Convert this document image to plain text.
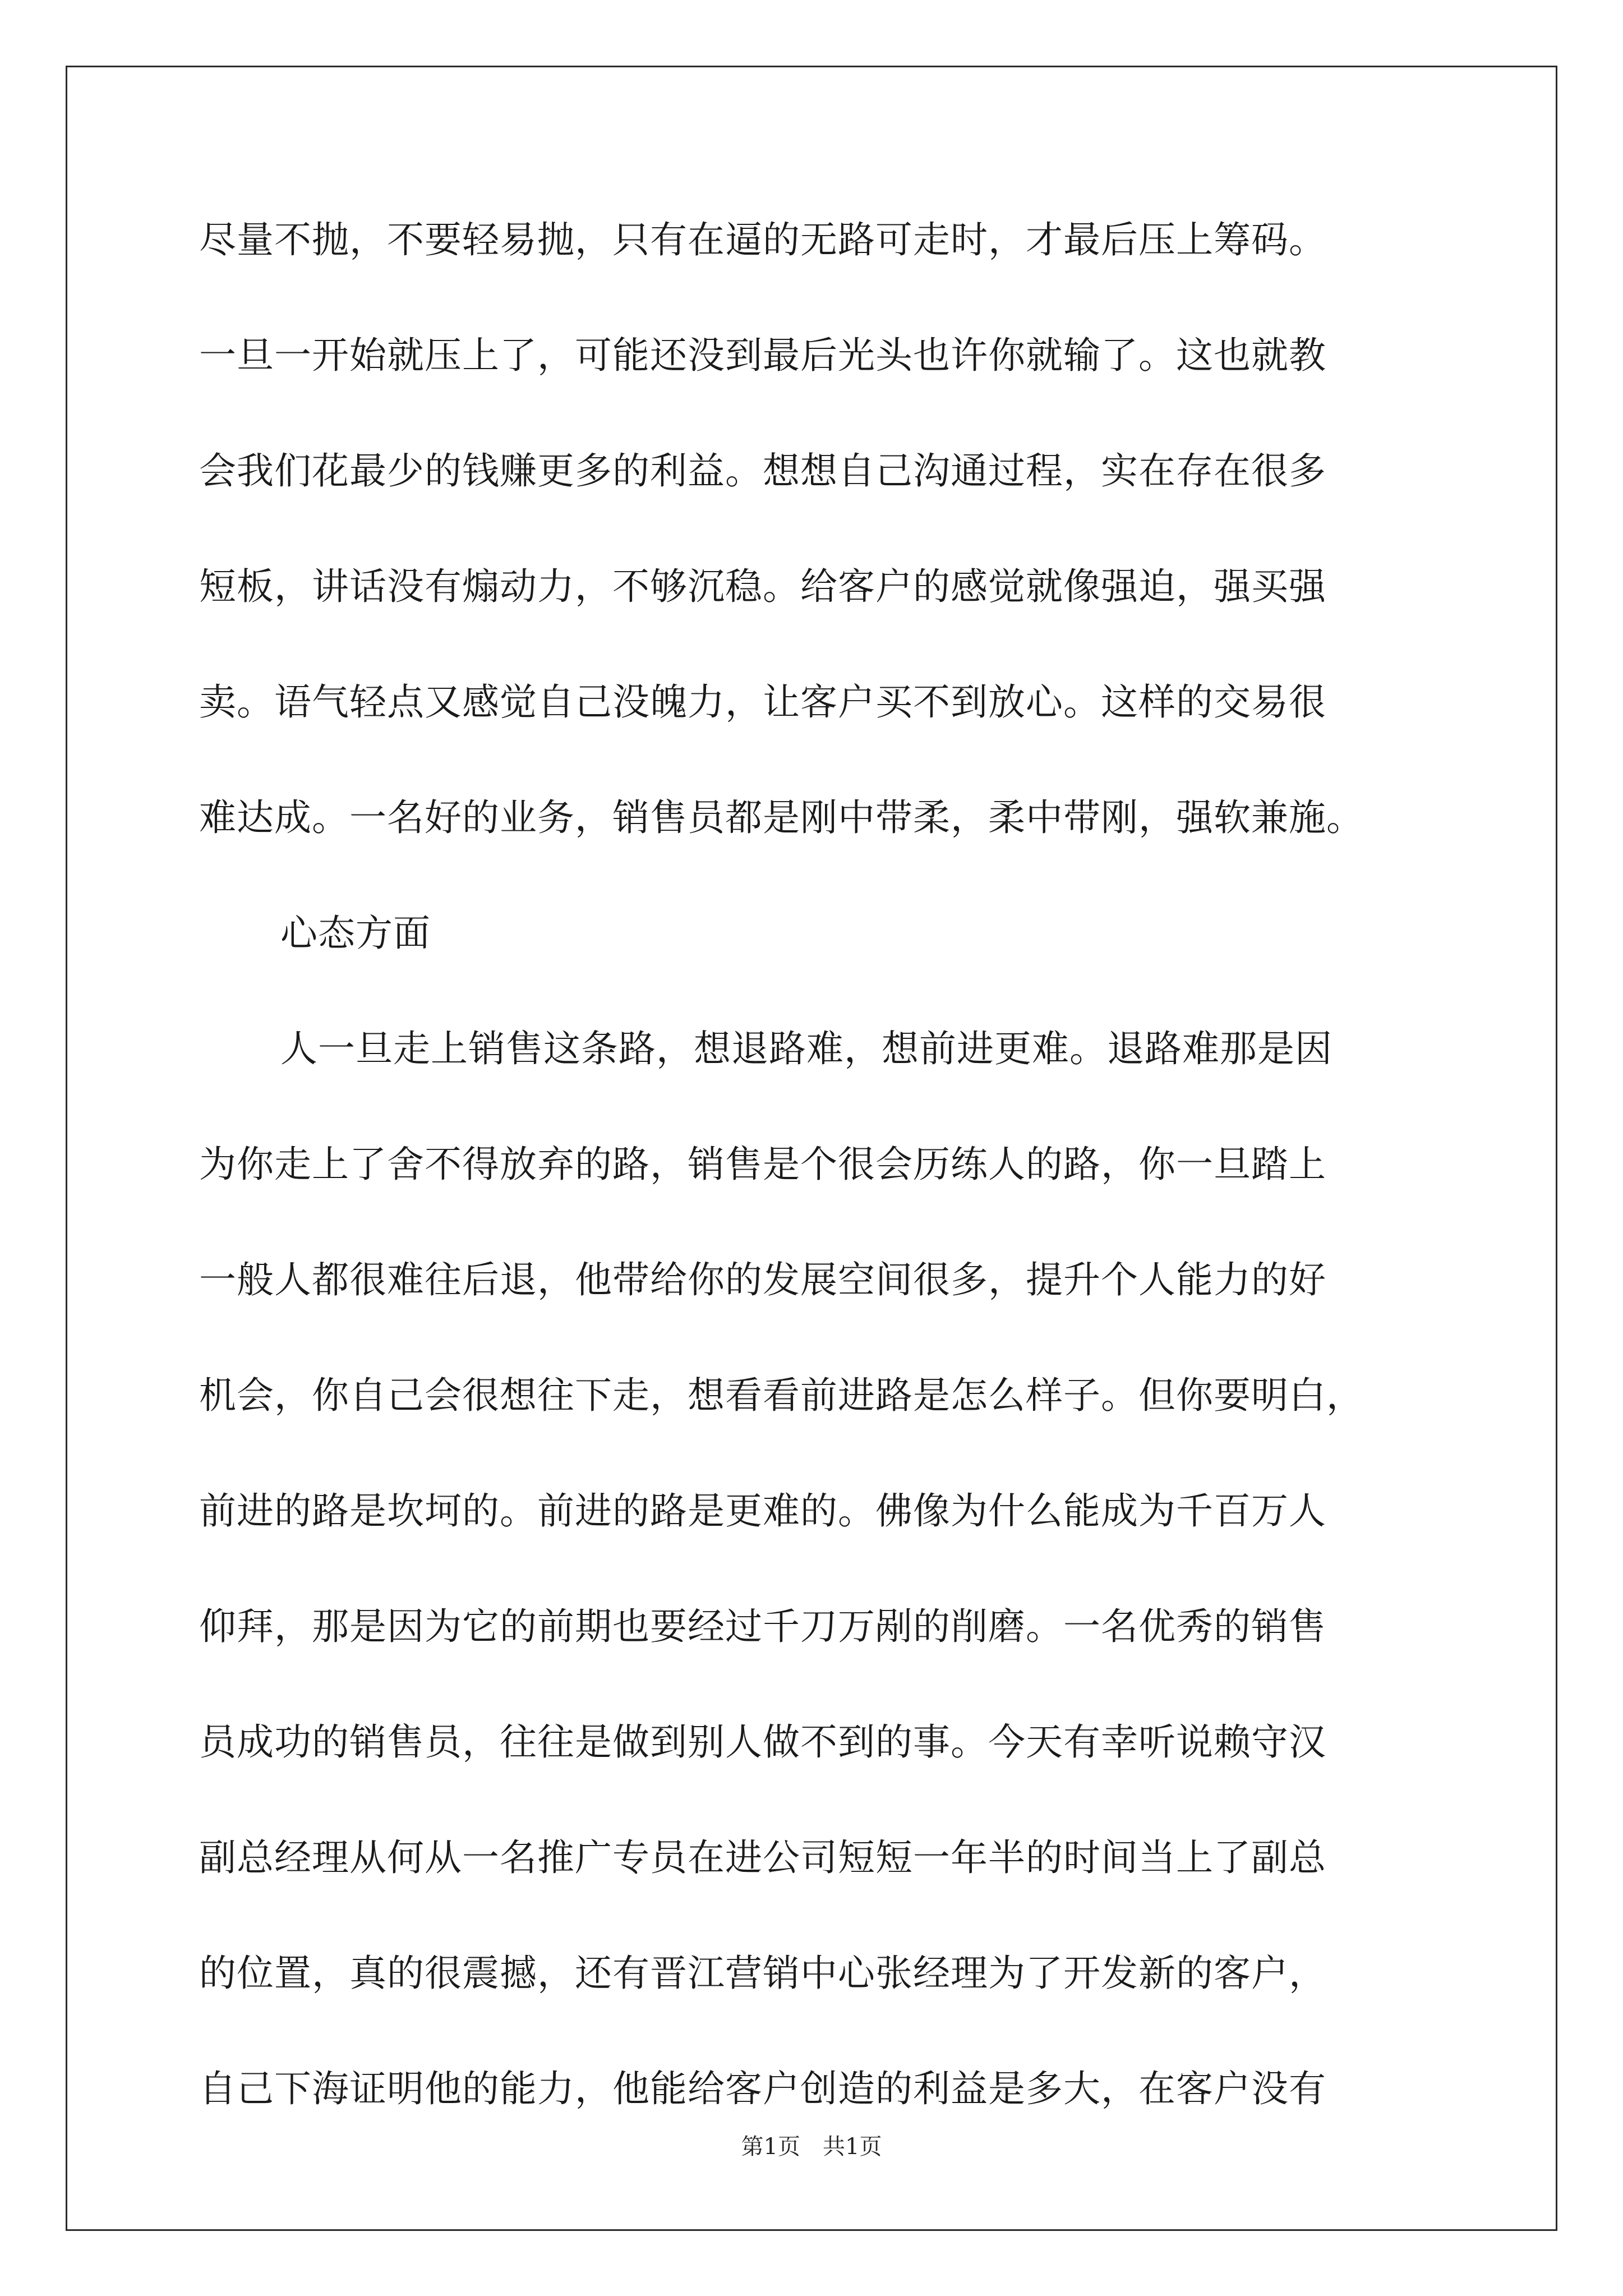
尽量不抛，不要轻易抛，只有在逼的无路可走时，才最后压上筹码。
一旦一开始就压上了，可能还没到最后光头也许你就输了。这也就教
会我们花最少的钱赚更多的利益。想想自己沟通过程，实在存在很多
短板，讲话没有煽动力，不够沉稳。给客户的感觉就像强迫，强买强
卖。语气轻点又感觉自己没魄力，让客户买不到放心。这样的交易很
难达成。一名好的业务，销售员都是刚中带柔，柔中带刚，强软兼施。
心态方面
人一旦走上销售这条路，想退路难，想前进更难。退路难那是因
为你走上了舍不得放弃的路，销售是个很会历练人的路，你一旦踏上
一般人都很难往后退，他带给你的发展空间很多，提升个人能力的好
机会，你自己会很想往下走，想看看前进路是怎么样子。但你要明白，
前进的路是坎坷的。前进的路是更难的。佛像为什么能成为千百万人
仰拜，那是因为它的前期也要经过千刀万剐的削磨。一名优秀的销售
员成功的销售员，往往是做到别人做不到的事。今天有幸听说赖守汉
副总经理从何从一名推广专员在进公司短短一年半的时间当上了副总
的位置，真的很震撼，还有晋江营销中心张经理为了开发新的客户，
自己下海证明他的能力，他能给客户创造的利益是多大，在客户没有
第1页　共1页
